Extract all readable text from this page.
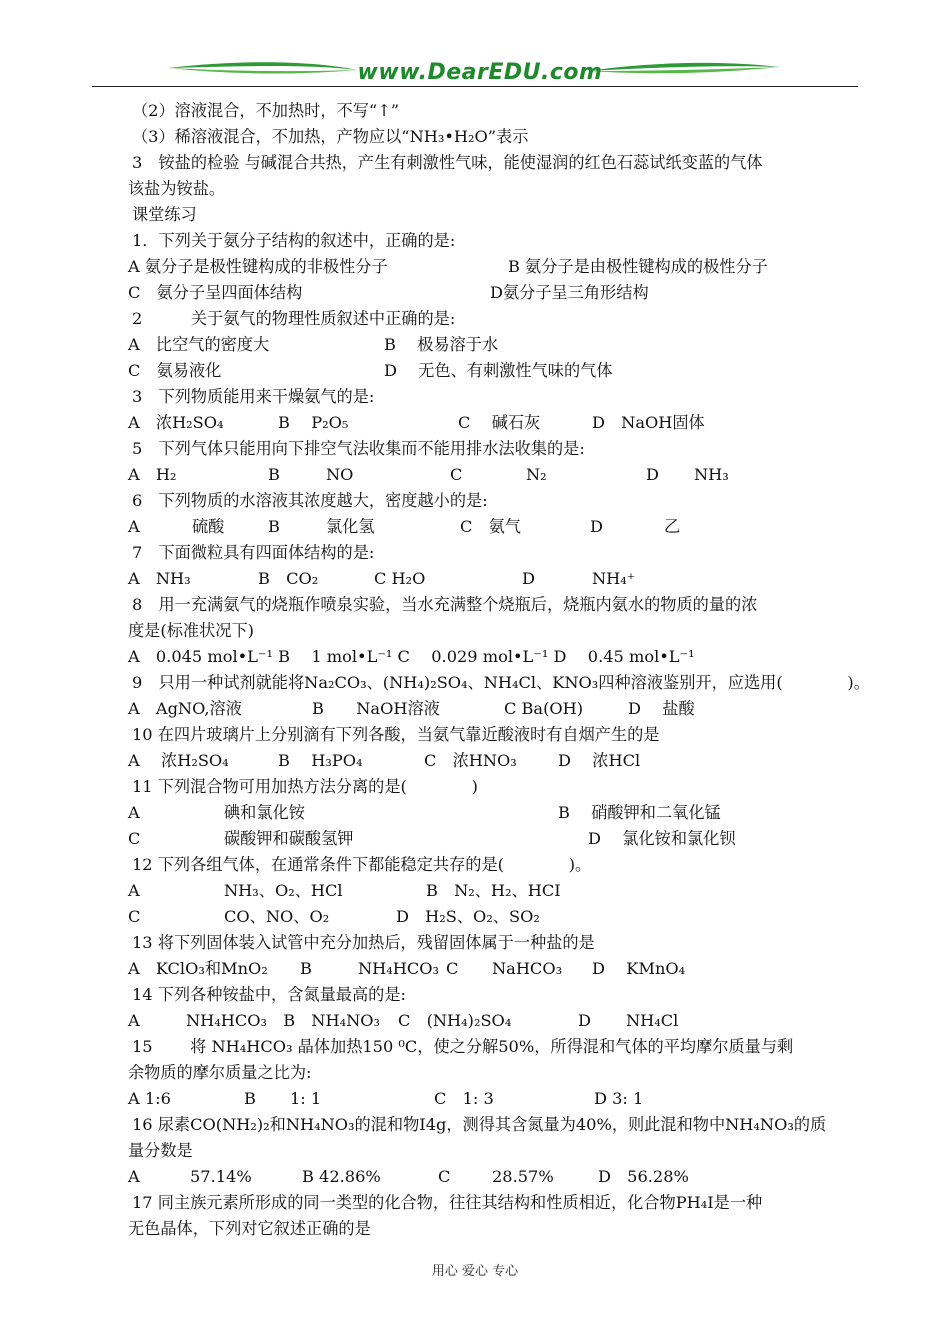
www.DearEDU.com
（2）溶液混合，不加热时，不写“↑”
（3）稀溶液混合，不加热，产物应以“NH₃•H₂O”表示
3　铵盐的检验 与碱混合共热，产生有刺激性气味，能使湿润的红色石蕊试纸变蓝的气体
该盐为铵盐。
课堂练习
1．下列关于氨分子结构的叙述中，正确的是:
A 氨分子是极性键构成的非极性分子	B 氨分子是由极性键构成的极性分子
C　氨分子呈四面体结构	D氨分子呈三角形结构
2　　　关于氨气的物理性质叙述中正确的是:
A　比空气的密度大	B　 极易溶于水
C　氨易液化	D　 无色、有刺激性气味的气体
3　下列物质能用来干燥氨气的是:
A　浓H₂SO₄	B　 P₂O₅	C　 碱石灰	D　NaOH固体
5　下列气体只能用向下排空气法收集而不能用排水法收集的是:
A　H₂	B	NO	C	N₂	D NH₃
6　下列物质的水溶液其浓度越大，密度越小的是:
A	硫酸	B	氯化氢	C　氨气	D	乙
7　下面微粒具有四面体结构的是:
A　NH₃	B　CO₂	C H₂O	D	NH₄⁺
8　用一充满氨气的烧瓶作喷泉实验，当水充满整个烧瓶后，烧瓶内氨水的物质的量的浓
度是(标准状况下)
A　0.045 mol•L⁻¹ B　 1 mol•L⁻¹ C　 0.029 mol•L⁻¹ D　 0.45 mol•L⁻¹
9　只用一种试剂就能将Na₂CO₃、(NH₄)₂SO₄、NH₄Cl、KNO₃四种溶液鉴别开，应选用(　　　　)。
A　AgNO,溶液	B　　NaOH溶液	C Ba(OH)	D　 盐酸
10 在四片玻璃片上分别滴有下列各酸，当氨气靠近酸液时有自烟产生的是
A　 浓H₂SO₄	B　 H₃PO₄	C　浓HNO₃	D　 浓HCl
11 下列混合物可用加热方法分离的是(　　　　)
A	碘和氯化铵	B　 硝酸钾和二氧化锰
C	碳酸钾和碳酸氢钾	D　 氯化铵和氯化钡
12 下列各组气体，在通常条件下都能稳定共存的是(　　　　)。
A	NH₃、O₂、HCl	B　N₂、H₂、HCI
C	CO、NO、O₂	D　H₂S、O₂、SO₂
13 将下列固体装入试管中充分加热后，残留固体属于一种盐的是
A　KClO₃和MnO₂ B	NH₄HCO₃ C NaHCO₃ D　 KMnO₄
14 下列各种铵盐中，含氮量最高的是:
A	NH₄HCO₃　B　NH₄NO₃ C　(NH₄)₂SO₄	D NH₄Cl
15　　 将 NH₄HCO₃ 晶体加热150 ⁰C，使之分解50%，所得混和气体的平均摩尔质量与剩
余物质的摩尔质量之比为:
A 1:6	B 1: 1	C　1: 3	D 3: 1
16 尿素CO(NH₂)₂和NH₄NO₃的混和物I4g，测得其含氮量为40%，则此混和物中NH₄NO₃的质
量分数是
A	57.14%	B 42.86%	C	28.57%	D　56.28%
17 同主族元素所形成的同一类型的化合物，往往其结构和性质相近，化合物PH₄I是一种
无色晶体，下列对它叙述正确的是
用心 爱心 专心
